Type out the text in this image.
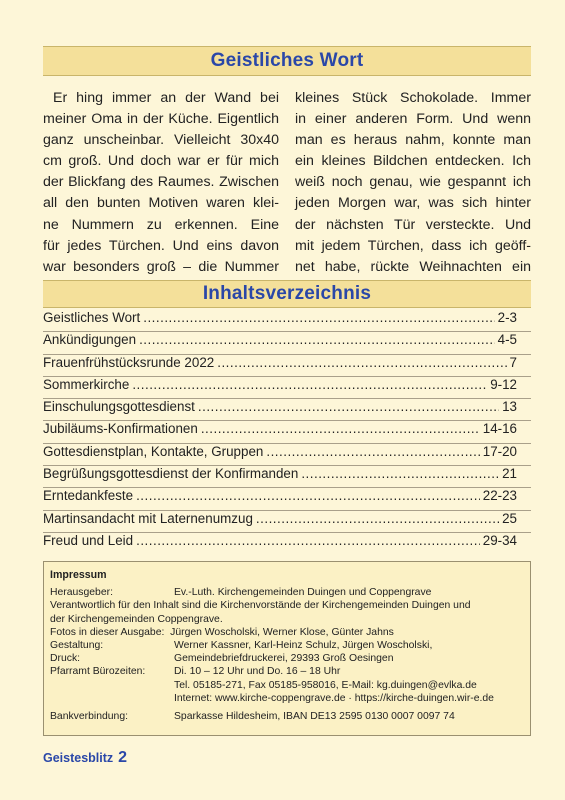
Geistliches Wort
Er hing immer an der Wand bei
meiner Oma in der Küche. Eigentlich
ganz unscheinbar. Vielleicht 30x40
cm groß. Und doch war er für mich
der Blickfang des Raumes. Zwischen
all den bunten Motiven waren klei-
ne Nummern zu erkennen. Eine
für jedes Türchen. Und eins davon
war besonders groß – die Nummer
kleines Stück Schokolade. Immer
in einer anderen Form. Und wenn
man es heraus nahm, konnte man
ein kleines Bildchen entdecken. Ich
weiß noch genau, wie gespannt ich
jeden Morgen war, was sich hinter
der nächsten Tür versteckte. Und
mit jedem Türchen, dass ich geöff-
net habe, rückte Weihnachten ein
Inhaltsverzeichnis
Geistliches Wort .....	2-3
Ankündigungen .....	4-5
Frauenfrühstücksrunde 2022 .....	7
Sommerkirche .....	9-12
Einschulungsgottesdienst .....	13
Jubiläums-Konfirmationen .....	14-16
Gottesdienstplan, Kontakte, Gruppen .....	17-20
Begrüßungsgottesdienst der Konfirmanden .....	21
Erntedankfeste .....	22-23
Martinsandacht mit Laternenumzug .....	25
Freud und Leid .....	29-34
Impressum
Herausgeber:	Ev.-Luth. Kirchengemeinden Duingen und Coppengrave
Verantwortlich für den Inhalt sind die Kirchenvorstände der Kirchengemeinden Duingen und
der Kirchengemeinden Coppengrave.
Fotos in dieser Ausgabe:  Jürgen Woscholski, Werner Klose, Günter Jahns
Gestaltung:	Werner Kassner, Karl-Heinz Schulz, Jürgen Woscholski,
Druck:	Gemeindebriefdruckerei, 29393 Groß Oesingen
Pfarramt Bürozeiten:	Di. 10 – 12 Uhr und Do. 16 – 18 Uhr
Tel. 05185-271, Fax 05185-958016, E-Mail: kg.duingen@evlka.de
Internet: www.kirche-coppengrave.de · https://kirche-duingen.wir-e.de
Bankverbindung:	Sparkasse Hildesheim, IBAN DE13 2595 0130 0007 0097 74
Geistesblitz 2
